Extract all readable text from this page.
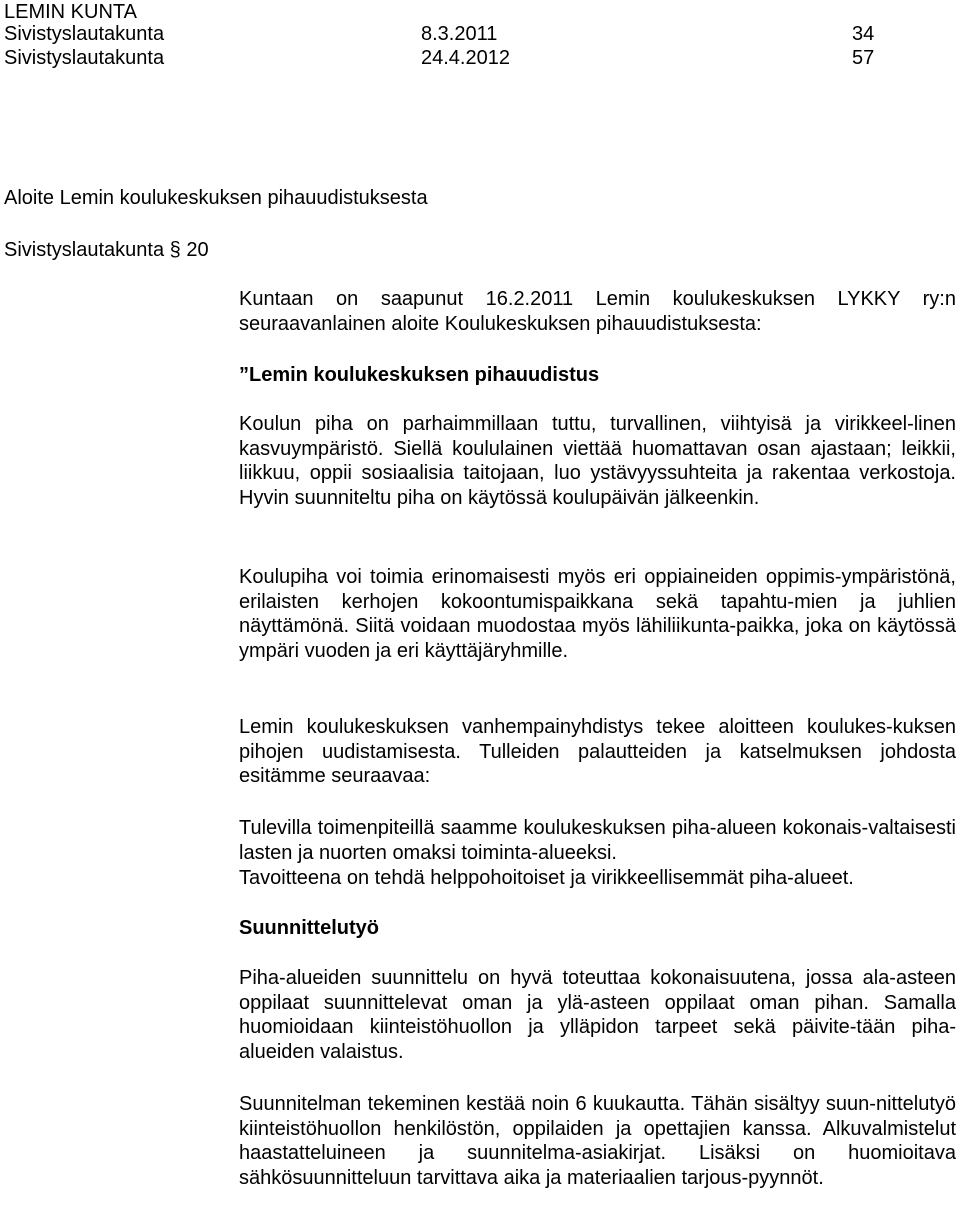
LEMIN KUNTA
Sivistyslautakunta	8.3.2011	34
Sivistyslautakunta	24.4.2012	57
Aloite Lemin koulukeskuksen pihauudistuksesta
Sivistyslautakunta § 20

Kuntaan on saapunut 16.2.2011 Lemin koulukeskuksen LYKKY ry:n seuraavanlainen aloite Koulukeskuksen pihauudistuksesta:

”Lemin koulukeskuksen pihauudistus

Koulun piha on parhaimmillaan tuttu, turvallinen, viihtyisä ja virikkeel-linen kasvuympäristö. Siellä koululainen viettää huomattavan osan ajastaan; leikkii, liikkuu, oppii sosiaalisia taitojaan, luo ystävyyssuhteita ja rakentaa verkostoja. Hyvin suunniteltu piha on käytössä koulupäivän jälkeenkin.

Koulupiha voi toimia erinomaisesti myös eri oppiaineiden oppimis-ympäristönä, erilaisten kerhojen kokoontumispaikkana sekä tapahtu-mien ja juhlien näyttämönä. Siitä voidaan muodostaa myös lähiliikunta-paikka, joka on käytössä ympäri vuoden ja eri käyttäjäryhmille.

Lemin koulukeskuksen vanhempainyhdistys tekee aloitteen koulukes-kuksen pihojen uudistamisesta. Tulleiden palautteiden ja katselmuksen johdosta esitämme seuraavaa:

Tulevilla toimenpiteillä saamme koulukeskuksen piha-alueen kokonais-valtaisesti lasten ja nuorten omaksi toiminta-alueeksi.

Tavoitteena on tehdä helppohoitoiset ja virikkeellisemmät piha-alueet.

Suunnittelutyö

Piha-alueiden suunnittelu on hyvä toteuttaa kokonaisuutena, jossa ala-asteen oppilaat suunnittelevat oman ja ylä-asteen oppilaat oman pihan. Samalla huomioidaan kiinteistöhuollon ja ylläpidon tarpeet sekä päivite-tään piha-alueiden valaistus.

Suunnitelman tekeminen kestää noin 6 kuukautta. Tähän sisältyy suun-nittelutyö kiinteistöhuollon henkilöstön, oppilaiden ja opettajien kanssa. Alkuvalmistelut haastatteluineen ja suunnitelma-asiakirjat. Lisäksi on huomioitava sähkösuunnitteluun tarvittava aika ja materiaalien tarjous-pyynnöt.
